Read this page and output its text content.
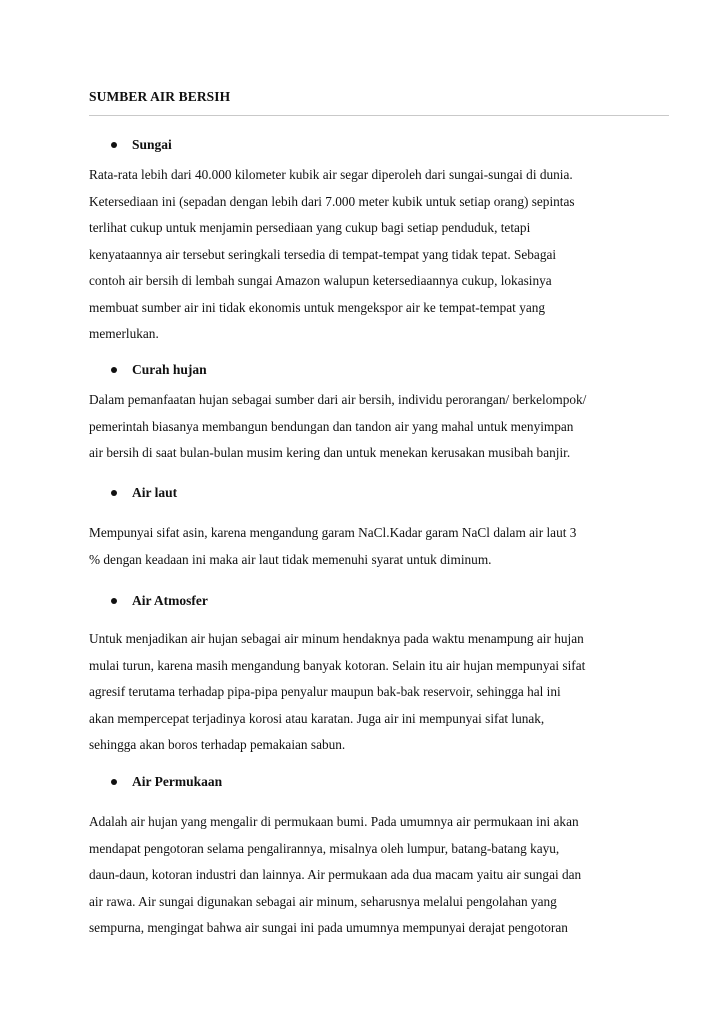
SUMBER AIR BERSIH
Sungai
Rata-rata lebih dari 40.000 kilometer kubik air segar diperoleh dari sungai-sungai di dunia.
Ketersediaan ini (sepadan dengan lebih dari 7.000 meter kubik untuk setiap orang) sepintas
terlihat cukup untuk menjamin persediaan yang cukup bagi setiap penduduk, tetapi
kenyataannya air tersebut seringkali tersedia di tempat-tempat yang tidak tepat. Sebagai
contoh air bersih di lembah sungai Amazon walupun ketersediaannya cukup, lokasinya
membuat sumber air ini tidak ekonomis untuk mengekspor air ke tempat-tempat yang
memerlukan.
Curah hujan
Dalam pemanfaatan hujan sebagai sumber dari air bersih, individu perorangan/ berkelompok/
pemerintah biasanya membangun bendungan dan tandon air yang mahal untuk menyimpan
air bersih di saat bulan-bulan musim kering dan untuk menekan kerusakan musibah banjir.
Air laut
Mempunyai sifat asin, karena mengandung garam NaCl.Kadar garam NaCl dalam air laut 3
% dengan keadaan ini maka air laut tidak memenuhi syarat untuk diminum.
Air Atmosfer
Untuk menjadikan air hujan sebagai air minum hendaknya pada waktu menampung air hujan
mulai turun, karena masih mengandung banyak kotoran. Selain itu air hujan mempunyai sifat
agresif terutama terhadap pipa-pipa penyalur maupun bak-bak reservoir, sehingga hal ini
akan mempercepat terjadinya korosi atau karatan. Juga air ini mempunyai sifat lunak,
sehingga akan boros terhadap pemakaian sabun.
Air Permukaan
Adalah air hujan yang mengalir di permukaan bumi. Pada umumnya air permukaan ini akan
mendapat pengotoran selama pengalirannya, misalnya oleh lumpur, batang-batang kayu,
daun-daun, kotoran industri dan lainnya. Air permukaan ada dua macam yaitu air sungai dan
air rawa. Air sungai digunakan sebagai air minum, seharusnya melalui pengolahan yang
sempurna, mengingat bahwa air sungai ini pada umumnya mempunyai derajat pengotoran
